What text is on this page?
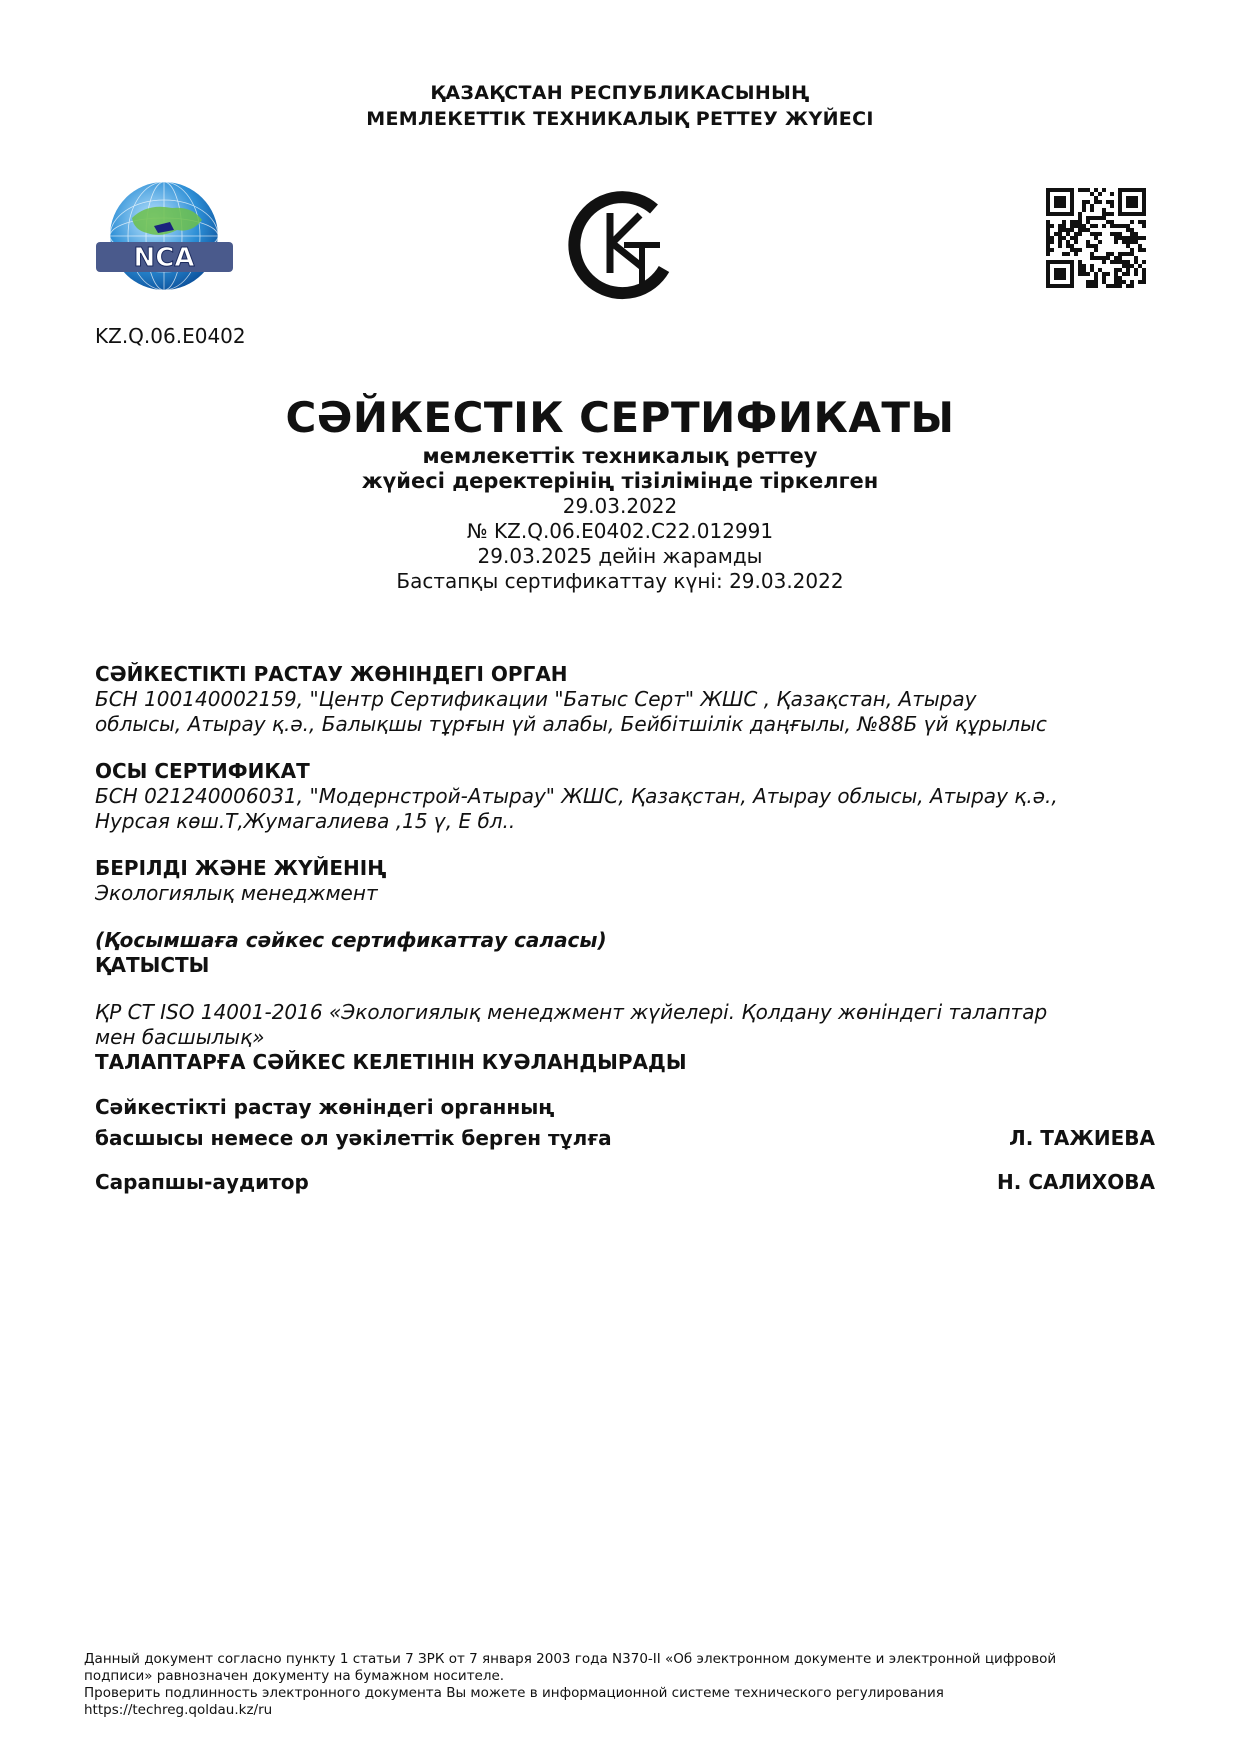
ҚАЗАҚСТАН РЕСПУБЛИКАСЫНЫҢ
МЕМЛЕКЕТТІК ТЕХНИКАЛЫҚ РЕТТЕУ ЖҮЙЕСІ
NCA
KZ.Q.06.E0402
СӘЙКЕСТІК СЕРТИФИКАТЫ
мемлекеттік техникалық реттеу
жүйесі деректерінің тізілімінде тіркелген
29.03.2022
№ KZ.Q.06.E0402.C22.012991
29.03.2025 дейін жарамды
Бастапқы сертификаттау күні: 29.03.2022
СӘЙКЕСТІКТІ РАСТАУ ЖӨНІНДЕГІ ОРГАН
БСН 100140002159, "Центр Сертификации "Батыс Серт" ЖШС , Қазақстан, Атырау
облысы, Атырау қ.ә., Балықшы тұрғын үй алабы, Бейбітшілік даңғылы, №88Б үй құрылыс
ОСЫ СЕРТИФИКАТ
БСН 021240006031, "Модернстрой-Атырау" ЖШС, Қазақстан, Атырау облысы, Атырау қ.ә.,
Нурсая көш.Т,Жумагалиева ,15 ү, Е бл..
БЕРІЛДІ ЖӘНЕ ЖҮЙЕНІҢ
Экологиялық менеджмент
(Қосымшаға сәйкес сертификаттау саласы)
ҚАТЫСТЫ
ҚР СТ ISO 14001-2016 «Экологиялық менеджмент жүйелері. Қолдану жөніндегі талаптар
мен басшылық»
ТАЛАПТАРҒА СӘЙКЕС КЕЛЕТІНІН КУӘЛАНДЫРАДЫ
Сәйкестікті растау жөніндегі органның
басшысы немесе ол уәкілеттік берген тұлға	Л. ТАЖИЕВА
Сарапшы-аудитор	Н. САЛИХОВА
Данный документ согласно пункту 1 статьи 7 ЗРК от 7 января 2003 года N370-II «Об электронном документе и электронной цифровой
подписи» равнозначен документу на бумажном носителе.
Проверить подлинность электронного документа Вы можете в информационной системе технического регулирования
https://techreg.qoldau.kz/ru
